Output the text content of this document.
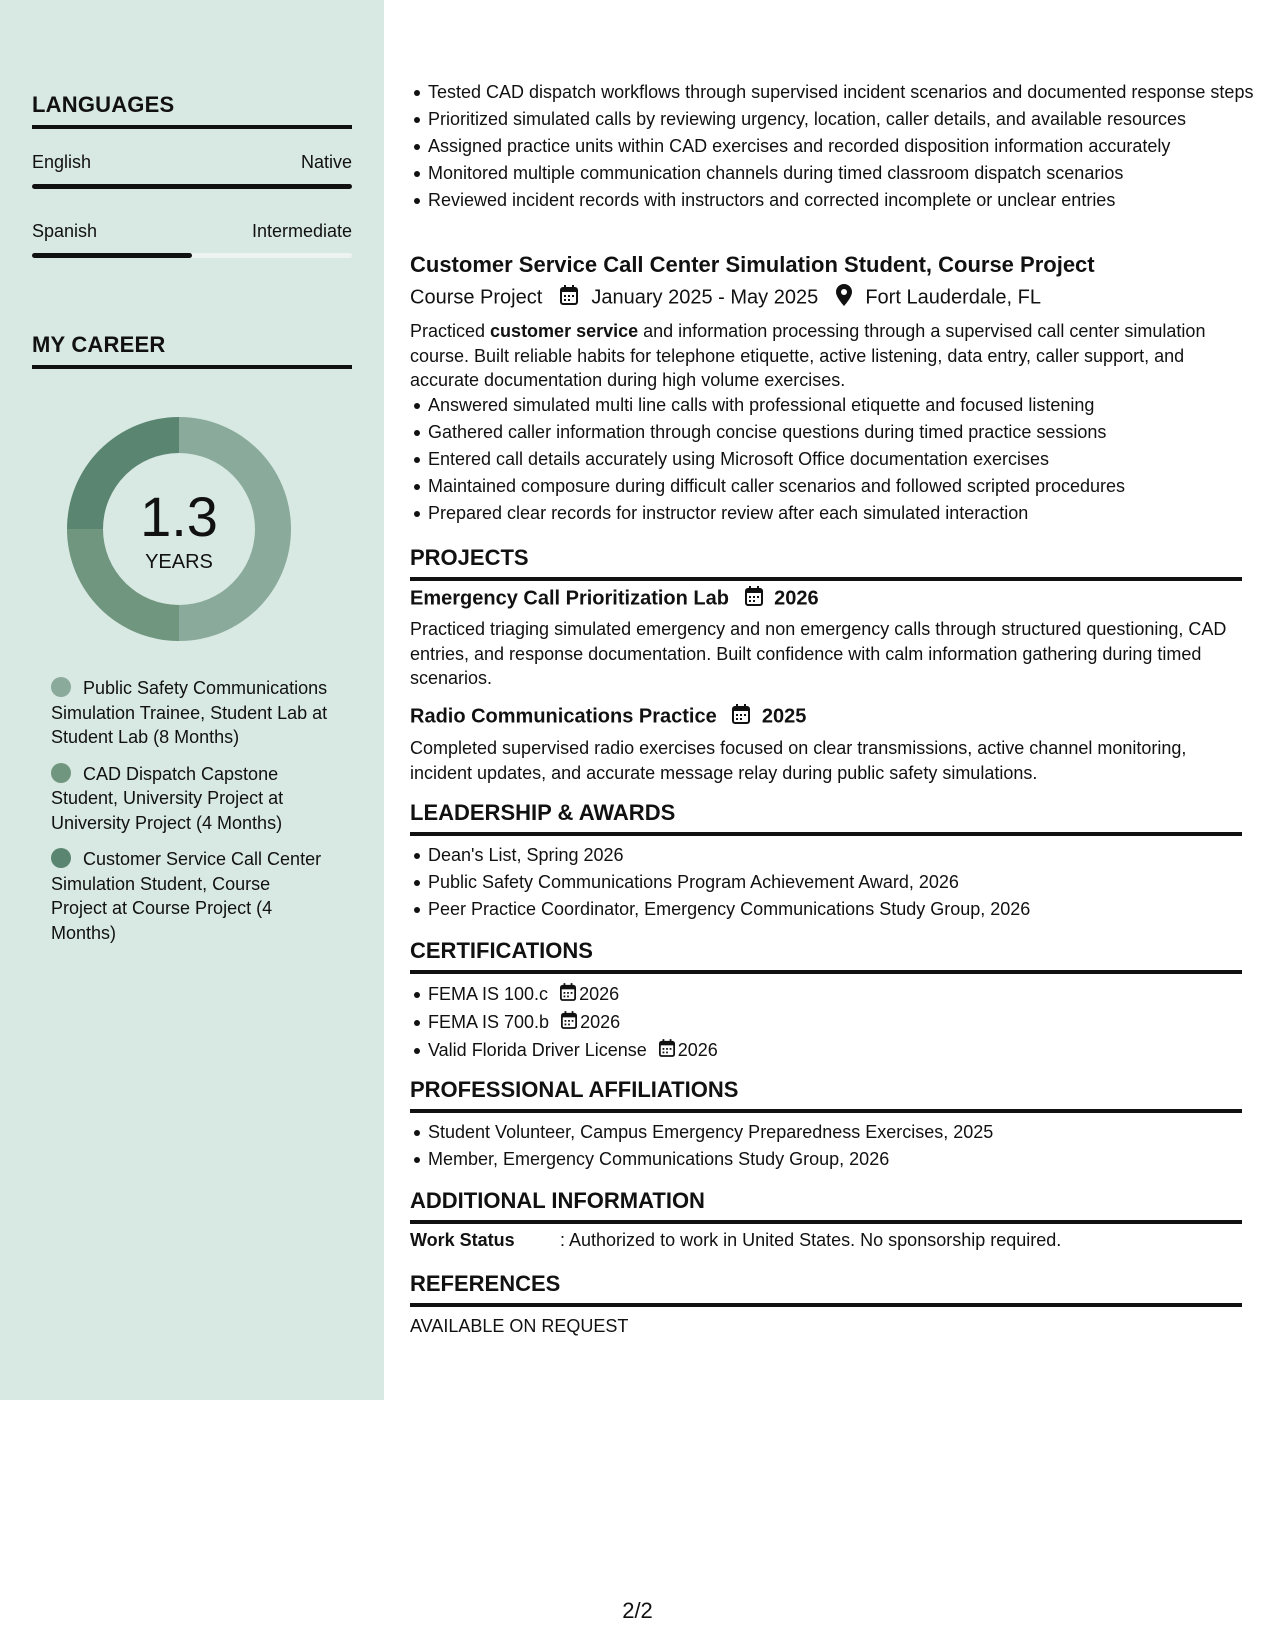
LANGUAGES
English	Native
Spanish	Intermediate
MY CAREER
1.3
YEARS
Public Safety Communications Simulation Trainee, Student Lab at Student Lab (8 Months)
CAD Dispatch Capstone Student, University Project at University Project (4 Months)
Customer Service Call Center Simulation Student, Course Project at Course Project (4 Months)
Tested CAD dispatch workflows through supervised incident scenarios and documented response steps
Prioritized simulated calls by reviewing urgency, location, caller details, and available resources
Assigned practice units within CAD exercises and recorded disposition information accurately
Monitored multiple communication channels during timed classroom dispatch scenarios
Reviewed incident records with instructors and corrected incomplete or unclear entries
Customer Service Call Center Simulation Student, Course Project
Course Project January 2025 - May 2025 Fort Lauderdale, FL
Practiced customer service and information processing through a supervised call center simulation course. Built reliable habits for telephone etiquette, active listening, data entry, caller support, and accurate documentation during high volume exercises.
Answered simulated multi line calls with professional etiquette and focused listening
Gathered caller information through concise questions during timed practice sessions
Entered call details accurately using Microsoft Office documentation exercises
Maintained composure during difficult caller scenarios and followed scripted procedures
Prepared clear records for instructor review after each simulated interaction
PROJECTS
Emergency Call Prioritization Lab 2026
Practiced triaging simulated emergency and non emergency calls through structured questioning, CAD entries, and response documentation. Built confidence with calm information gathering during timed scenarios.
Radio Communications Practice 2025
Completed supervised radio exercises focused on clear transmissions, active channel monitoring, incident updates, and accurate message relay during public safety simulations.
LEADERSHIP & AWARDS
Dean's List, Spring 2026
Public Safety Communications Program Achievement Award, 2026
Peer Practice Coordinator, Emergency Communications Study Group, 2026
CERTIFICATIONS
FEMA IS 100.c 2026
FEMA IS 700.b 2026
Valid Florida Driver License 2026
PROFESSIONAL AFFILIATIONS
Student Volunteer, Campus Emergency Preparedness Exercises, 2025
Member, Emergency Communications Study Group, 2026
ADDITIONAL INFORMATION
Work Status	: Authorized to work in United States. No sponsorship required.
REFERENCES
AVAILABLE ON REQUEST
2/2
